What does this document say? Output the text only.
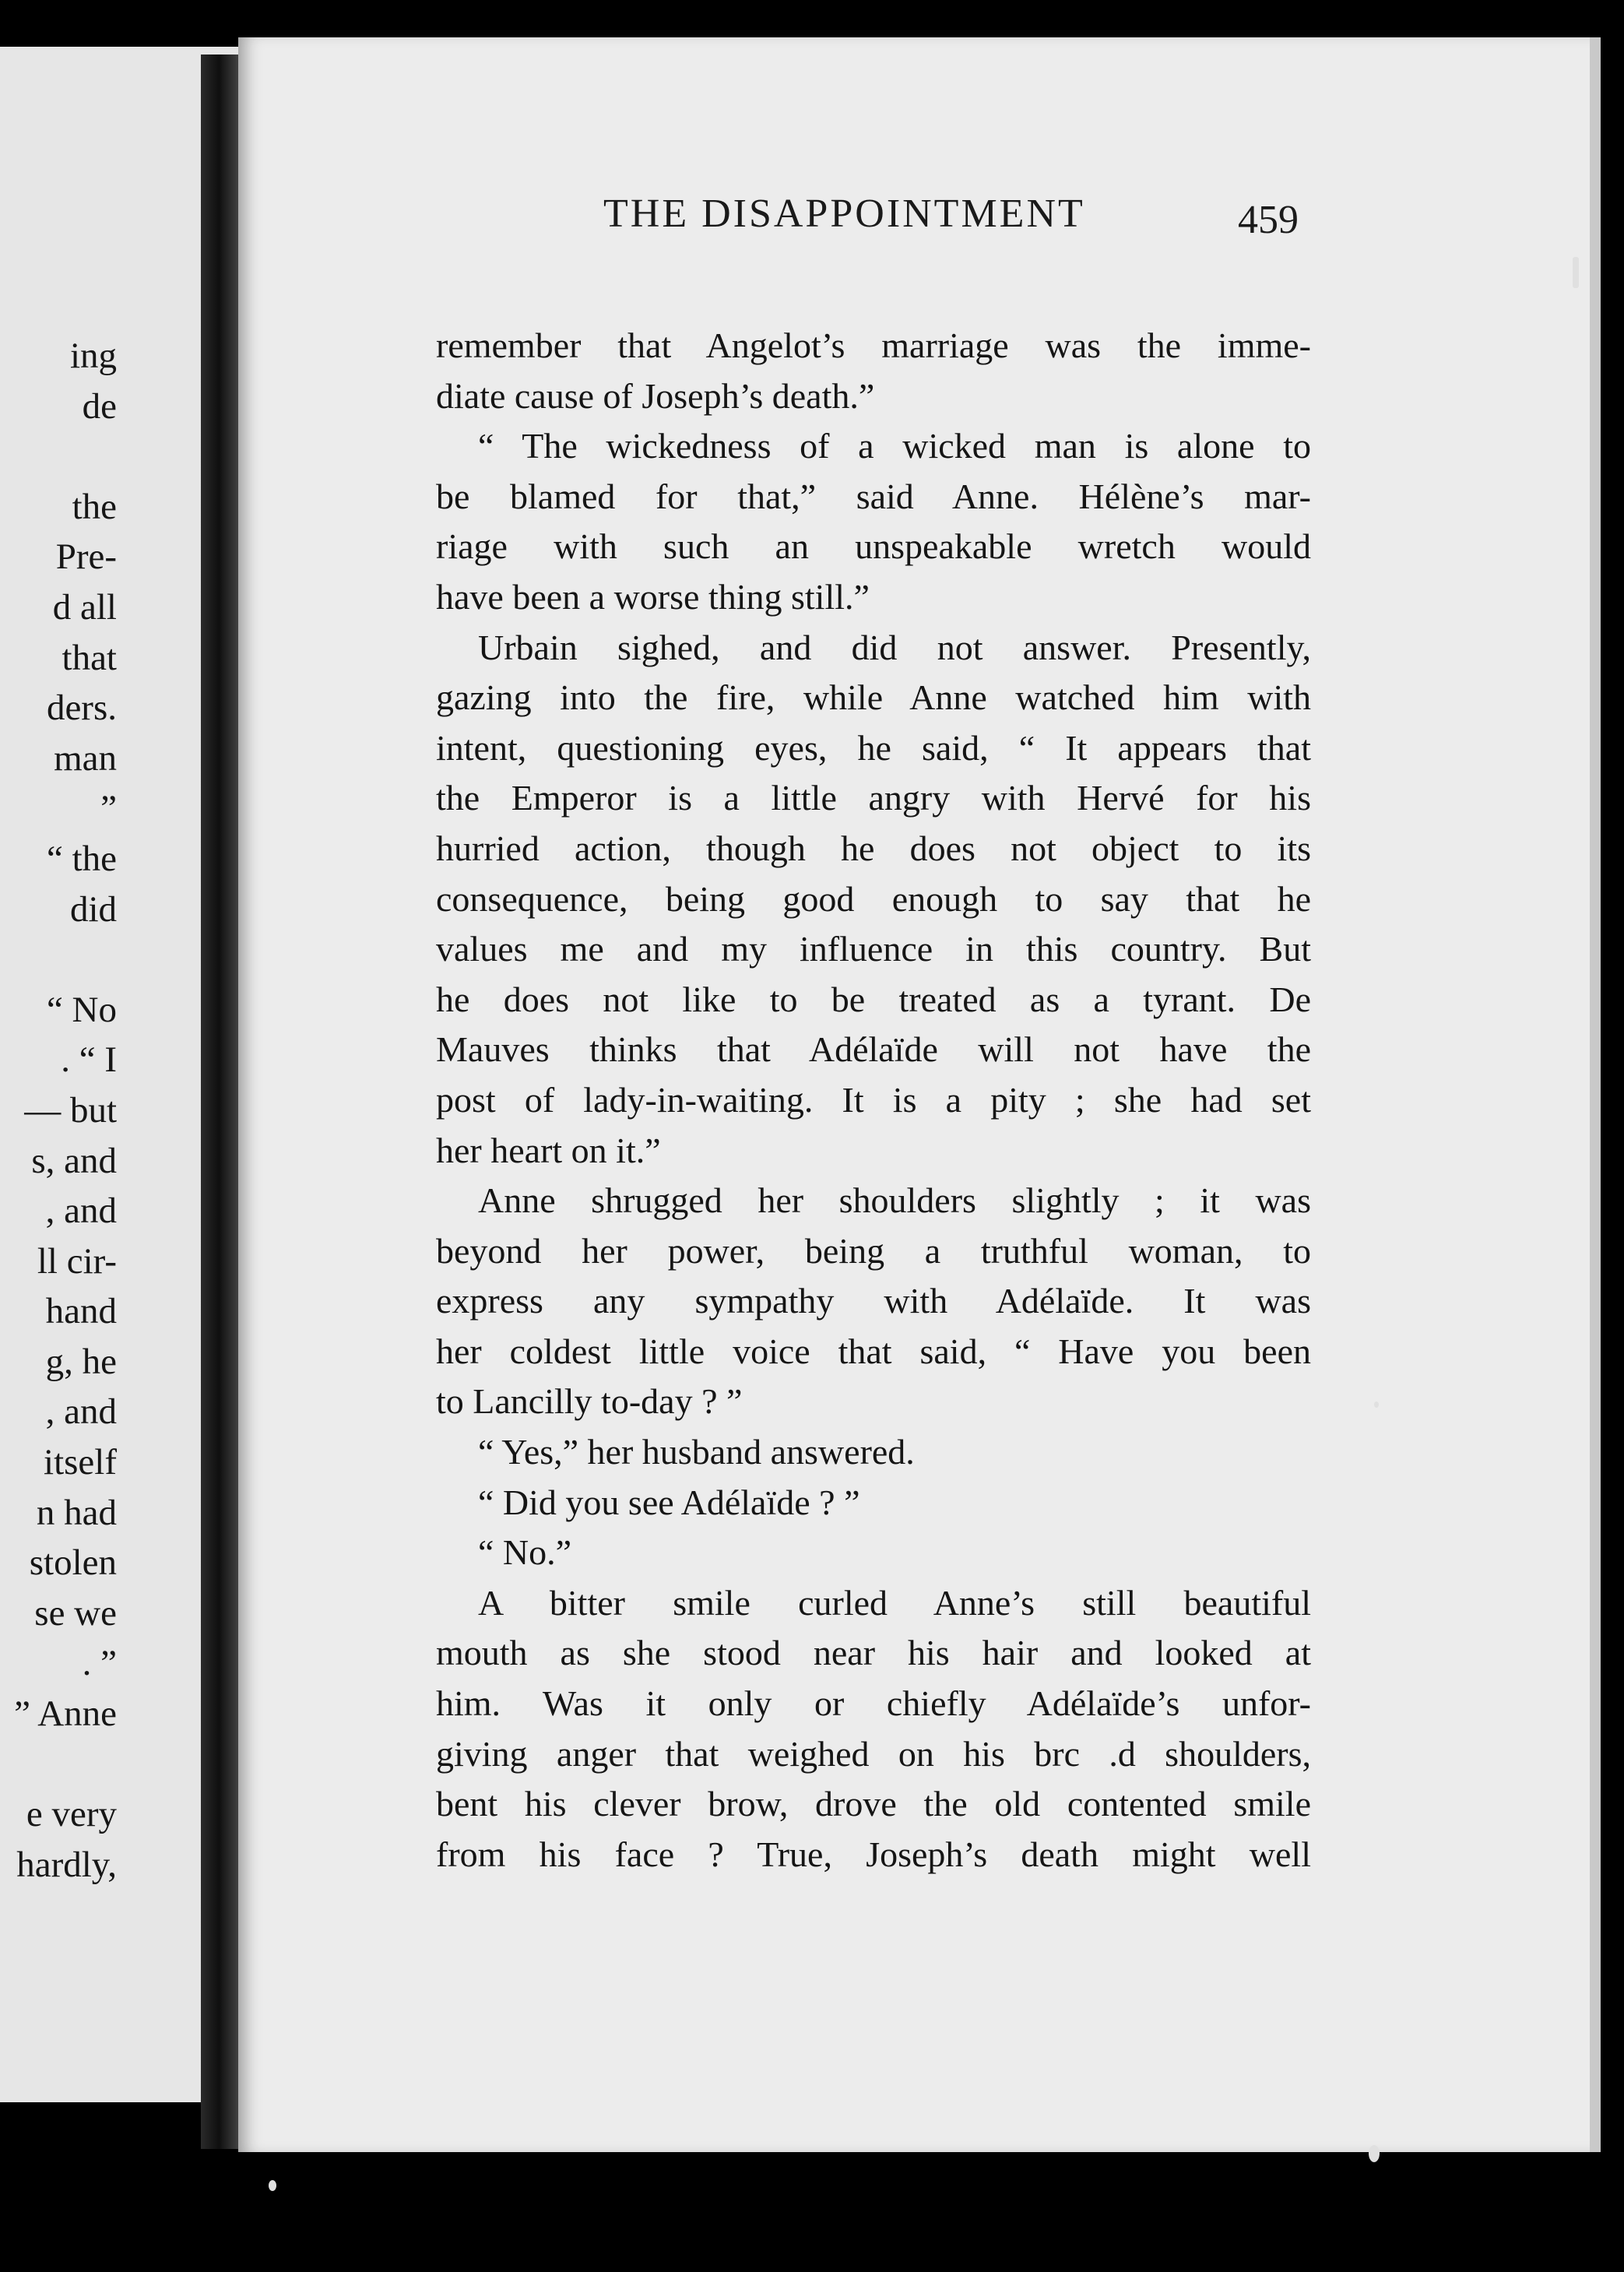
ing
de
the
Pre-
d all
that
ders.
man
”
“ the
did
“ No
. “ I
— but
s, and
, and
ll cir-
hand
g, he
, and
itself
n had
stolen
se we
. ”
” Anne
e very
hardly,
THE DISAPPOINTMENT	459
remember that Angelot’s marriage was the imme-
diate cause of Joseph’s death.”
“ The wickedness of a wicked man is alone to
be blamed for that,” said Anne. Hélène’s mar-
riage with such an unspeakable wretch would
have been a worse thing still.”
Urbain sighed, and did not answer. Presently,
gazing into the fire, while Anne watched him with
intent, questioning eyes, he said, “ It appears that
the Emperor is a little angry with Hervé for his
hurried action, though he does not object to its
consequence, being good enough to say that he
values me and my influence in this country. But
he does not like to be treated as a tyrant. De
Mauves thinks that Adélaïde will not have the
post of lady-in-waiting. It is a pity ; she had set
her heart on it.”
Anne shrugged her shoulders slightly ; it was
beyond her power, being a truthful woman, to
express any sympathy with Adélaïde. It was
her coldest little voice that said, “ Have you been
to Lancilly to-day ? ”
“ Yes,” her husband answered.
“ Did you see Adélaïde ? ”
“ No.”
A bitter smile curled Anne’s still beautiful
mouth as she stood near his hair and looked at
him. Was it only or chiefly Adélaïde’s unfor-
giving anger that weighed on his brc .d shoulders,
bent his clever brow, drove the old contented smile
from his face ? True, Joseph’s death might well
